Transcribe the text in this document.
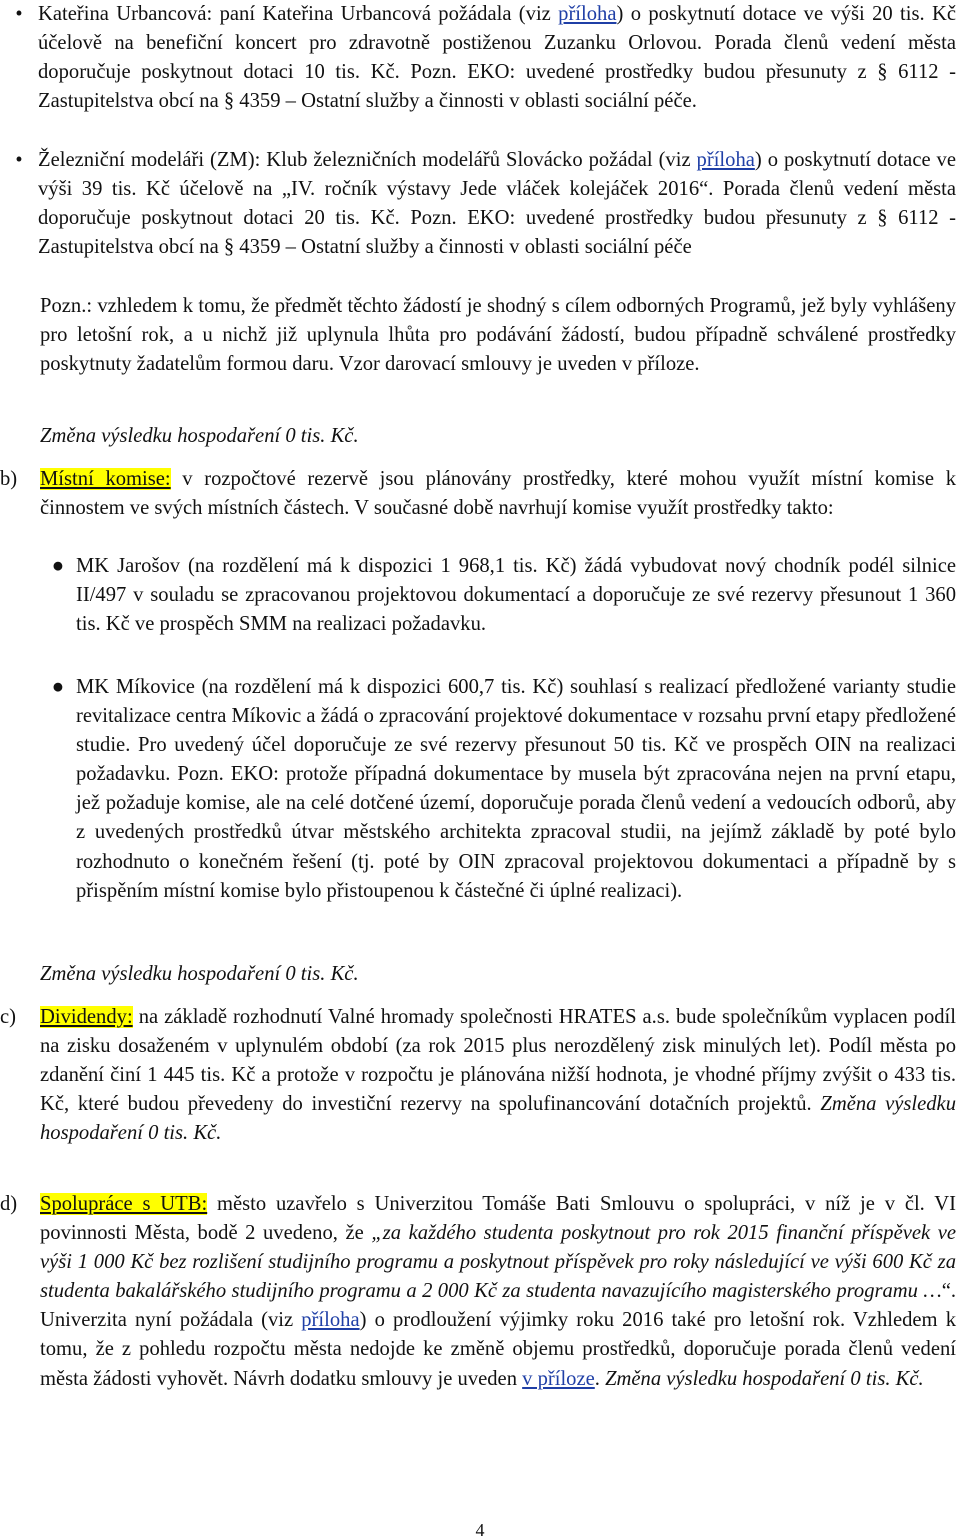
• Kateřina Urbancová: paní Kateřina Urbancová požádala (viz příloha) o poskytnutí dotace ve výši 20 tis. Kč účelově na benefiční koncert pro zdravotně postiženou Zuzanku Orlovou. Porada členů vedení města doporučuje poskytnout dotaci 10 tis. Kč. Pozn. EKO: uvedené prostředky budou přesunuty z § 6112 - Zastupitelstva obcí na § 4359 – Ostatní služby a činnosti v oblasti sociální péče.
• Železniční modeláři (ZM): Klub železničních modelářů Slovácko požádal (viz příloha) o poskytnutí dotace ve výši 39 tis. Kč účelově na „IV. ročník výstavy Jede vláček kolejáček 2016“. Porada členů vedení města doporučuje poskytnout dotaci 20 tis. Kč. Pozn. EKO: uvedené prostředky budou přesunuty z § 6112 - Zastupitelstva obcí na § 4359 – Ostatní služby a činnosti v oblasti sociální péče
Pozn.: vzhledem k tomu, že předmět těchto žádostí je shodný s cílem odborných Programů, jež byly vyhlášeny pro letošní rok, a u nichž již uplynula lhůta pro podávání žádostí, budou případně schválené prostředky poskytnuty žadatelům formou daru. Vzor darovací smlouvy je uveden v příloze.
Změna výsledku hospodaření 0 tis. Kč.
b)	Místní komise: v rozpočtové rezervě jsou plánovány prostředky, které mohou využít místní komise k činnostem ve svých místních částech. V současné době navrhují komise využít prostředky takto:
● MK Jarošov (na rozdělení má k dispozici 1 968,1 tis. Kč) žádá vybudovat nový chodník podél silnice II/497 v souladu se zpracovanou projektovou dokumentací a doporučuje ze své rezervy přesunout 1 360 tis. Kč ve prospěch SMM na realizaci požadavku.
● MK Míkovice (na rozdělení má k dispozici 600,7 tis. Kč) souhlasí s realizací předložené varianty studie revitalizace centra Míkovic a žádá o zpracování projektové dokumentace v rozsahu první etapy předložené studie. Pro uvedený účel doporučuje ze své rezervy přesunout 50 tis. Kč ve prospěch OIN na realizaci požadavku. Pozn. EKO: protože případná dokumentace by musela být zpracována nejen na první etapu, jež požaduje komise, ale na celé dotčené území, doporučuje porada členů vedení a vedoucích odborů, aby z uvedených prostředků útvar městského architekta zpracoval studii, na jejímž základě by poté bylo rozhodnuto o konečném řešení (tj. poté by OIN zpracoval projektovou dokumentaci a případně by s přispěním místní komise bylo přistoupenou k částečné či úplné realizaci).
Změna výsledku hospodaření 0 tis. Kč.
c)	Dividendy: na základě rozhodnutí Valné hromady společnosti HRATES a.s. bude společníkům vyplacen podíl na zisku dosaženém v uplynulém období (za rok 2015 plus nerozdělený zisk minulých let). Podíl města po zdanění činí 1 445 tis. Kč a protože v rozpočtu je plánována nižší hodnota, je vhodné příjmy zvýšit o 433 tis. Kč, které budou převedeny do investiční rezervy na spolufinancování dotačních projektů. Změna výsledku hospodaření 0 tis. Kč.
d)	Spolupráce s UTB: město uzavřelo s Univerzitou Tomáše Bati Smlouvu o spolupráci, v níž je v čl. VI povinnosti Města, bodě 2 uvedeno, že „za každého studenta poskytnout pro rok 2015 finanční příspěvek ve výši 1 000 Kč bez rozlišení studijního programu a poskytnout příspěvek pro roky následující ve výši 600 Kč za studenta bakalářského studijního programu a 2 000 Kč za studenta navazujícího magisterského programu …“. Univerzita nyní požádala (viz příloha) o prodloužení výjimky roku 2016 také pro letošní rok. Vzhledem k tomu, že z pohledu rozpočtu města nedojde ke změně objemu prostředků, doporučuje porada členů vedení města žádosti vyhovět. Návrh dodatku smlouvy je uveden v příloze. Změna výsledku hospodaření 0 tis. Kč.
4
